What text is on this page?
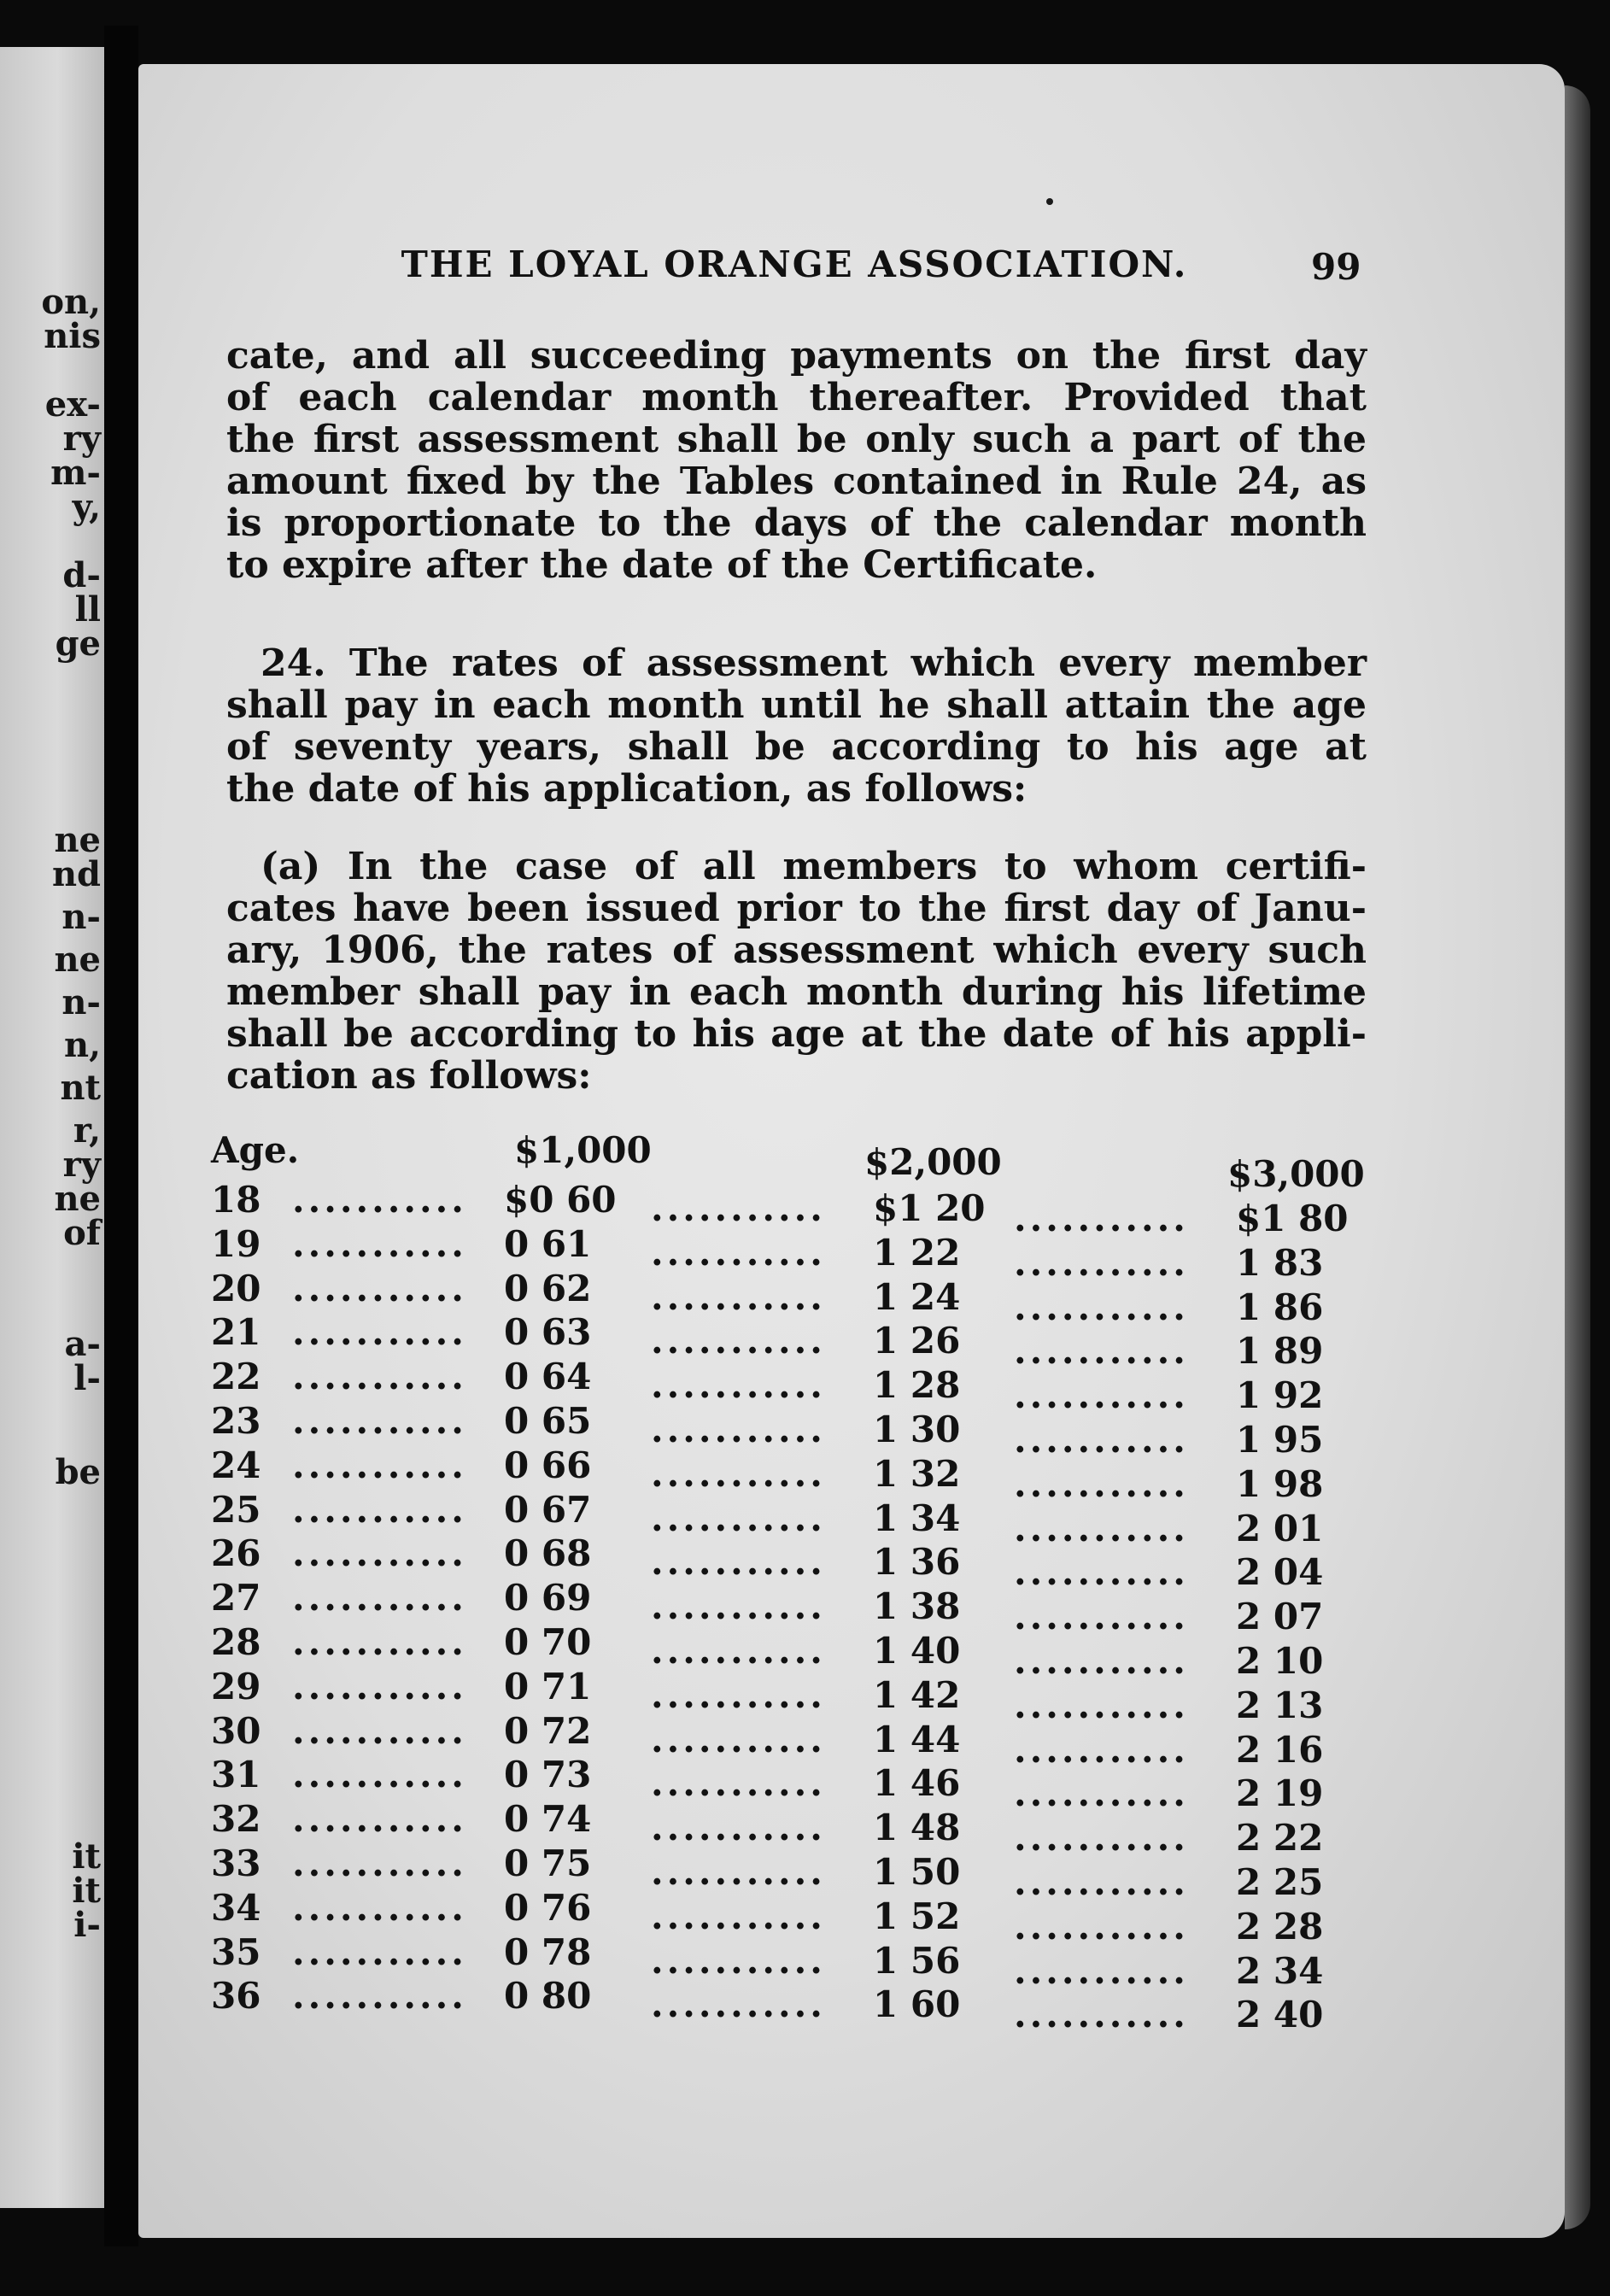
on,
nis
ex-
ry
m-
y,
d-
ll
ge
ne
nd
n-
ne
n-
n,
nt
r,
ry
ne
of
a-
l-
be
it
it
i-
THE LOYAL ORANGE ASSOCIATION.	99
cate, and all succeeding payments on the first day
of each calendar month thereafter. Provided that
the first assessment shall be only such a part of the
amount fixed by the Tables contained in Rule 24, as
is proportionate to the days of the calendar month
to expire after the date of the Certificate.
24. The rates of assessment which every member
shall pay in each month until he shall attain the age
of seventy years, shall be according to his age at
the date of his application, as follows:
(a) In the case of all members to whom certifi-
cates have been issued prior to the first day of Janu-
ary, 1906, the rates of assessment which every such
member shall pay in each month during his lifetime
shall be according to his age at the date of his appli-
cation as follows:
Age.	$1,000	$2,000	$3,000
18 ...........	$0 60 ...........	$1 20 ...........	$1 80
19 ...........	0 61	...........	1 22	...........	1 83
20 ...........	0 62	...........	1 24	...........	1 86
21 ...........	0 63	...........	1 26	...........	1 89
22 ...........	0 64	...........	1 28	...........	1 92
23 ...........	0 65	...........	1 30	...........	1 95
24 ...........	0 66	...........	1 32	...........	1 98
25 ...........	0 67	...........	1 34	...........	2 01
26 ...........	0 68	...........	1 36	...........	2 04
27 ...........	0 69	...........	1 38	...........	2 07
28 ...........	0 70	...........	1 40	...........	2 10
29 ...........	0 71	...........	1 42	...........	2 13
30 ...........	0 72	...........	1 44	...........	2 16
31 ...........	0 73	...........	1 46	...........	2 19
32 ...........	0 74	...........	1 48	...........	2 22
33 ...........	0 75	...........	1 50	...........	2 25
34 ...........	0 76	...........	1 52	...........	2 28
35 ...........	0 78	...........	1 56	...........	2 34
36 ...........	0 80	...........	1 60	...........	2 40
